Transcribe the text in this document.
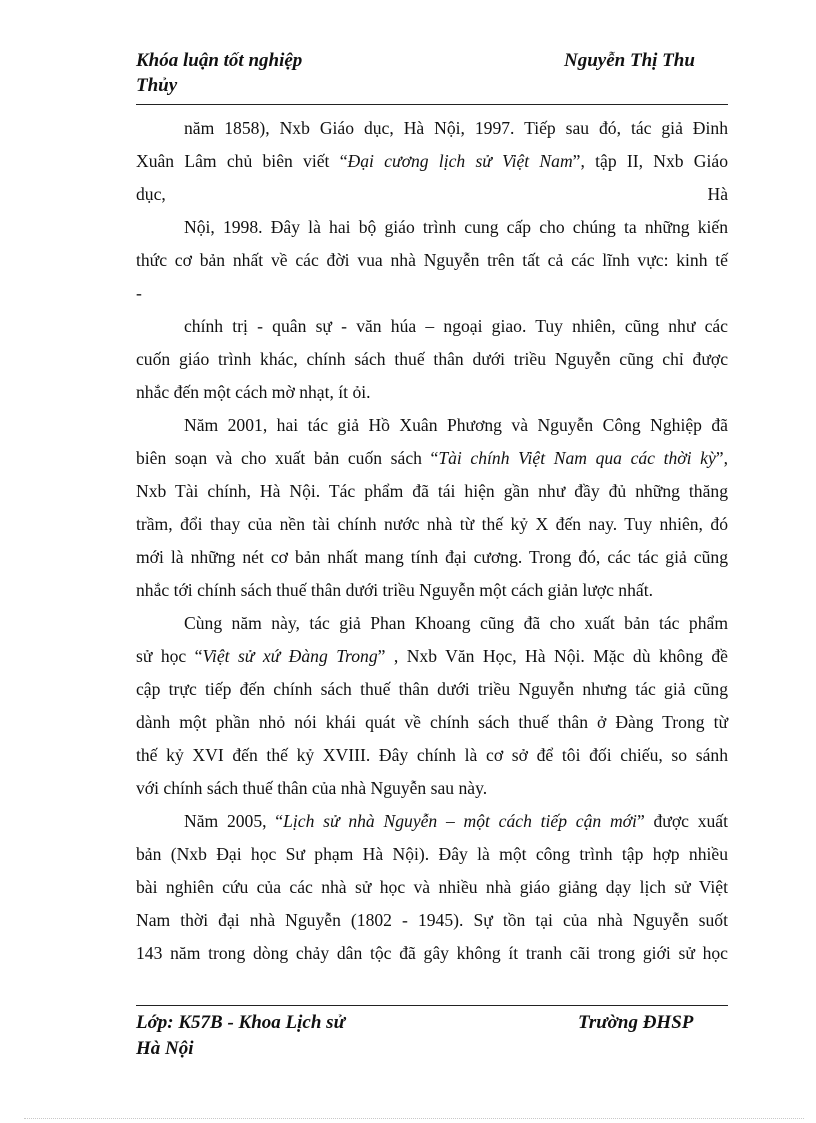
Khóa luận tốt nghiệp	Nguyễn Thị Thu
Thủy
năm 1858), Nxb Giáo dục, Hà Nội, 1997. Tiếp sau đó, tác giả Đinh
Xuân Lâm chủ biên viết “Đại cương lịch sử Việt Nam”, tập II, Nxb Giáo
dục,	Hà
Nội, 1998. Đây là hai bộ giáo trình cung cấp cho chúng ta những kiến
thức cơ bản nhất về các đời vua nhà Nguyễn trên tất cả các lĩnh vực: kinh tế
-
chính trị - quân sự - văn húa – ngoại giao. Tuy nhiên, cũng như các
cuốn giáo trình khác, chính sách thuế thân dưới triều Nguyễn cũng chỉ được
nhắc đến một cách mờ nhạt, ít ỏi.
Năm 2001, hai tác giả Hồ Xuân Phương và Nguyễn Công Nghiệp đã
biên soạn và cho xuất bản cuốn sách “Tài chính Việt Nam qua các thời kỳ”,
Nxb Tài chính, Hà Nội. Tác phẩm đã tái hiện gần như đầy đủ những thăng
trầm, đổi thay của nền tài chính nước nhà từ thế kỷ X đến nay. Tuy nhiên, đó
mới là những nét cơ bản nhất mang tính đại cương. Trong đó, các tác giả cũng
nhắc tới chính sách thuế thân dưới triều Nguyễn một cách giản lược nhất.
Cùng năm này, tác giả Phan Khoang cũng đã cho xuất bản tác phẩm
sử học “Việt sử xứ Đàng Trong” , Nxb Văn Học, Hà Nội. Mặc dù không đề
cập trực tiếp đến chính sách thuế thân dưới triều Nguyễn nhưng tác giả cũng
dành một phần nhỏ nói khái quát về chính sách thuế thân ở Đàng Trong từ
thế kỷ XVI đến thế kỷ XVIII. Đây chính là cơ sở để tôi đối chiếu, so sánh
với chính sách thuế thân của nhà Nguyễn sau này.
Năm 2005, “Lịch sử nhà Nguyễn – một cách tiếp cận mới” được xuất
bản (Nxb Đại học Sư phạm Hà Nội). Đây là một công trình tập hợp nhiều
bài nghiên cứu của các nhà sử học và nhiều nhà giáo giảng dạy lịch sử Việt
Nam thời đại nhà Nguyễn (1802 - 1945). Sự tồn tại của nhà Nguyễn suốt
143 năm trong dòng chảy dân tộc đã gây không ít tranh cãi trong giới sử học
Lớp: K57B - Khoa Lịch sử	Trường ĐHSP
Hà Nội
